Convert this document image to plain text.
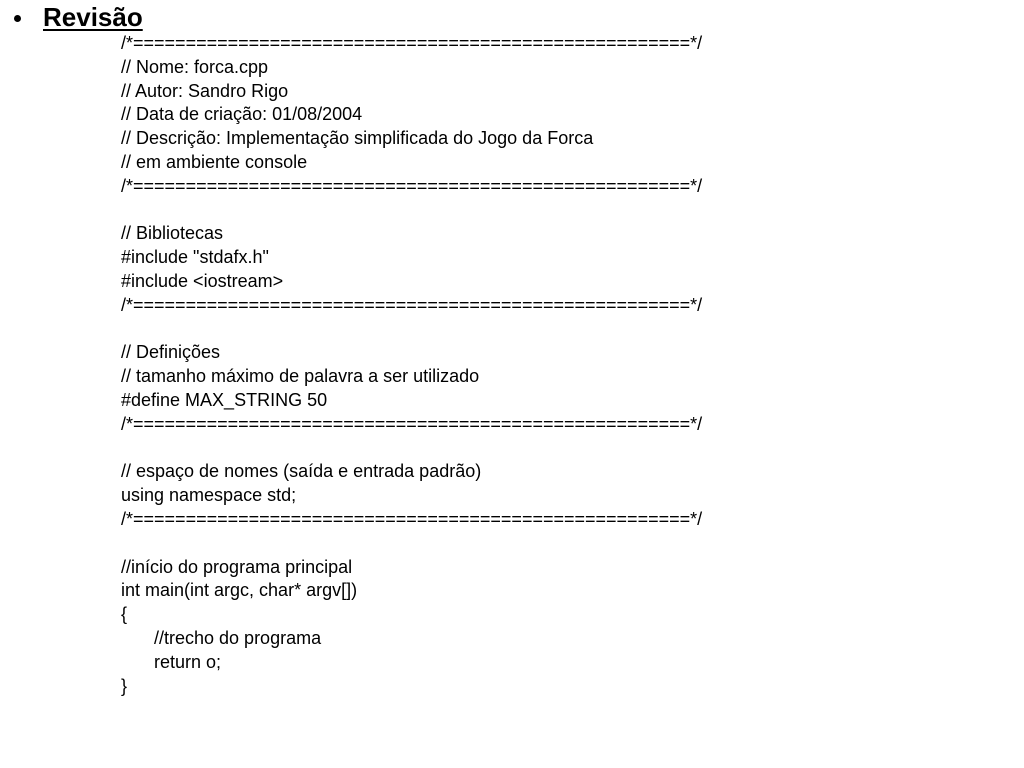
Revisão
/*=====================================================*/
// Nome: forca.cpp
// Autor: Sandro Rigo
// Data de criação: 01/08/2004
// Descrição: Implementação simplificada do Jogo da Forca
// em ambiente console
/*=====================================================*/
// Bibliotecas
#include "stdafx.h"
#include <iostream>
/*=====================================================*/
// Definições
// tamanho máximo de palavra a ser utilizado
#define MAX_STRING 50
/*=====================================================*/
// espaço de nomes (saída e entrada padrão)
using namespace std;
/*=====================================================*/
//início do programa principal
int main(int argc, char* argv[])
{
//trecho do programa
return o;
}
